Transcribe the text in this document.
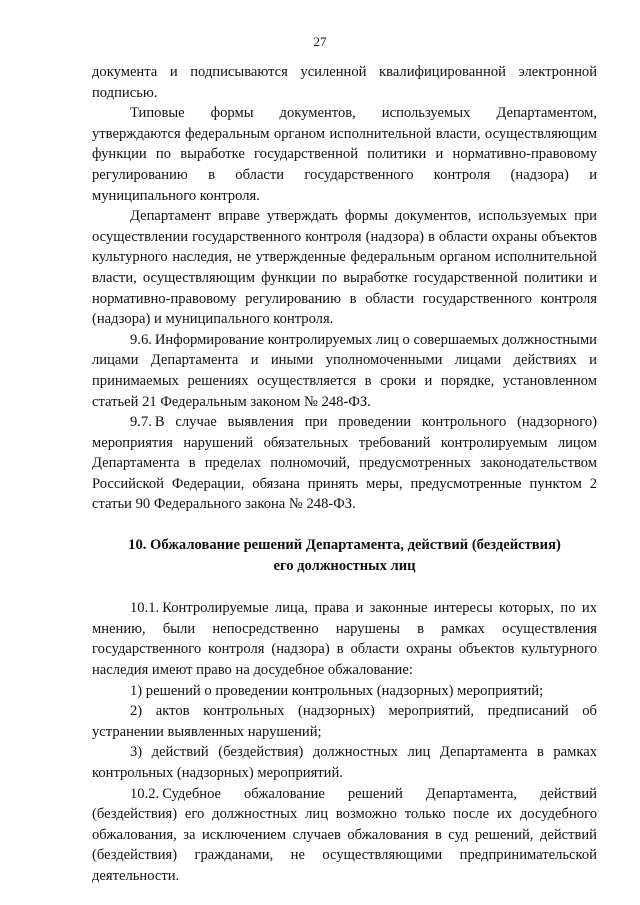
27

документа и подписываются усиленной квалифицированной электронной подписью.

Типовые формы документов, используемых Департаментом, утверждаются федеральным органом исполнительной власти, осуществляющим функции по выработке государственной политики и нормативно-правовому регулированию в области государственного контроля (надзора) и муниципального контроля.

Департамент вправе утверждать формы документов, используемых при осуществлении государственного контроля (надзора) в области охраны объектов культурного наследия, не утвержденные федеральным органом исполнительной власти, осуществляющим функции по выработке государственной политики и нормативно-правовому регулированию в области государственного контроля (надзора) и муниципального контроля.

9.6. Информирование контролируемых лиц о совершаемых должностными лицами Департамента и иными уполномоченными лицами действиях и принимаемых решениях осуществляется в сроки и порядке, установленном статьей 21 Федеральным законом № 248-ФЗ.

9.7. В случае выявления при проведении контрольного (надзорного) мероприятия нарушений обязательных требований контролируемым лицом Департамента в пределах полномочий, предусмотренных законодательством Российской Федерации, обязана принять меры, предусмотренные пунктом 2 статьи 90 Федерального закона № 248-ФЗ.

10. Обжалование решений Департамента, действий (бездействия)
его должностных лиц

10.1. Контролируемые лица, права и законные интересы которых, по их мнению, были непосредственно нарушены в рамках осуществления государственного контроля (надзора) в области охраны объектов культурного наследия имеют право на досудебное обжалование:

1) решений о проведении контрольных (надзорных) мероприятий;

2) актов контрольных (надзорных) мероприятий, предписаний об устранении выявленных нарушений;

3) действий (бездействия) должностных лиц Департамента в рамках контрольных (надзорных) мероприятий.

10.2. Судебное обжалование решений Департамента, действий (бездействия) его должностных лиц возможно только после их досудебного обжалования, за исключением случаев обжалования в суд решений, действий (бездействия) гражданами, не осуществляющими предпринимательской деятельности.
